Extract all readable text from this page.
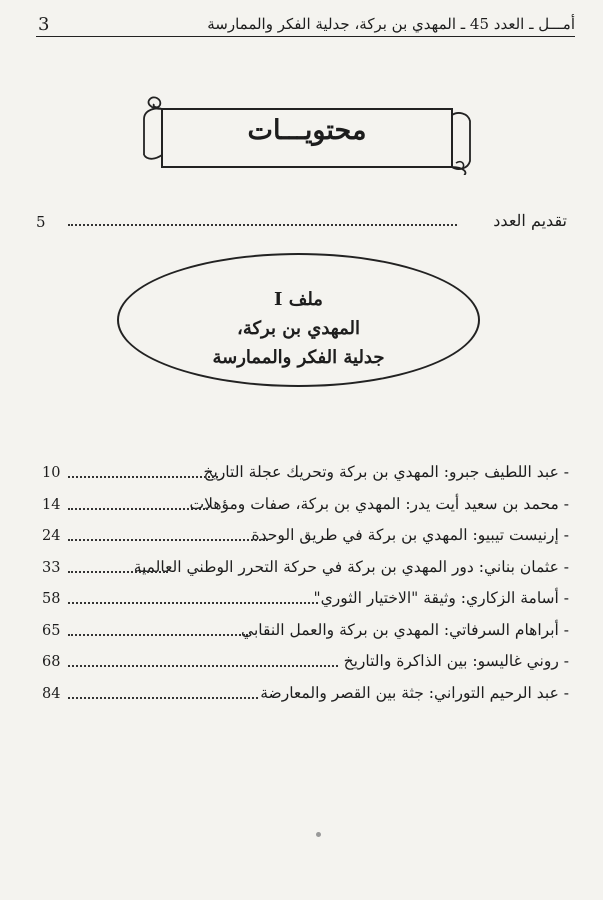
3	أمـــل ـ العدد 45 ـ المهدي بن بركة، جدلية الفكر والممارسة
محتويـــات
تقديم العدد
5
ملف I
المهدي بن بركة،
جدلية الفكر والممارسة
- عبد اللطيف جبرو: المهدي بن بركة وتحريك عجلة التاريخ
10
- محمد بن سعيد أيت يدر: المهدي بن بركة، صفات ومؤهلات
14
- إرنيست تيبيو: المهدي بن بركة في طريق الوحدة
24
- عثمان بناني: دور المهدي بن بركة في حركة التحرر الوطني العالمية
33
- أسامة الزكاري: وثيقة "الاختيار الثوري"
58
- أبراهام السرفاتي: المهدي بن بركة والعمل النقابي
65
- روني غاليسو: بين الذاكرة والتاريخ
68
- عبد الرحيم التوراني: جثة بين القصر والمعارضة
84
